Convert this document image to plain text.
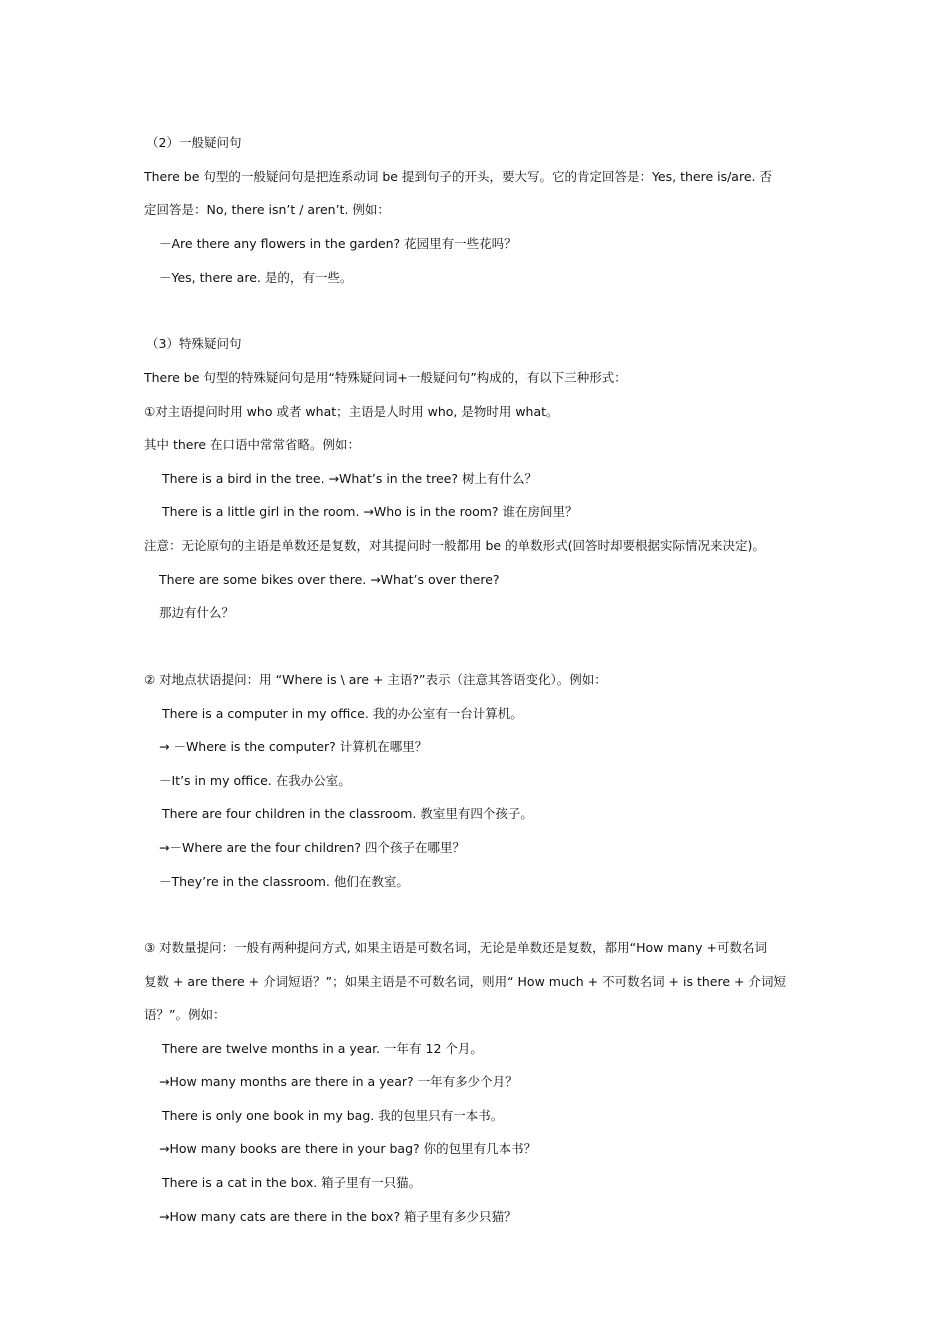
（2）一般疑问句
There be 句型的一般疑问句是把连系动词 be 提到句子的开头，要大写。它的肯定回答是：Yes, there is/are. 否
定回答是：No, there isn’t / aren’t. 例如：
－Are there any flowers in the garden? 花园里有一些花吗？
－Yes, there are. 是的，有一些。
（3）特殊疑问句
There be 句型的特殊疑问句是用“特殊疑问词+一般疑问句”构成的，有以下三种形式：
①对主语提问时用 who 或者 what；主语是人时用 who, 是物时用 what。
其中 there 在口语中常常省略。例如：
There is a bird in the tree. →What’s in the tree? 树上有什么？
There is a little girl in the room. →Who is in the room? 谁在房间里？
注意：无论原句的主语是单数还是复数，对其提问时一般都用 be 的单数形式(回答时却要根据实际情况来决定)。
There are some bikes over there. →What’s over there?
那边有什么？
② 对地点状语提问：用 “Where is \ are + 主语?”表示（注意其答语变化）。例如：
There is a computer in my office. 我的办公室有一台计算机。
→ －Where is the computer? 计算机在哪里？
－It’s in my office. 在我办公室。
There are four children in the classroom. 教室里有四个孩子。
→－Where are the four children? 四个孩子在哪里？
－They’re in the classroom. 他们在教室。
③ 对数量提问：一般有两种提问方式, 如果主语是可数名词，无论是单数还是复数，都用“How many +可数名词
复数 + are there + 介词短语？”；如果主语是不可数名词，则用“ How much + 不可数名词 + is there + 介词短
语？”。例如：
There are twelve months in a year. 一年有 12 个月。
→How many months are there in a year? 一年有多少个月？
There is only one book in my bag. 我的包里只有一本书。
→How many books are there in your bag? 你的包里有几本书？
There is a cat in the box. 箱子里有一只猫。
→How many cats are there in the box? 箱子里有多少只猫？
